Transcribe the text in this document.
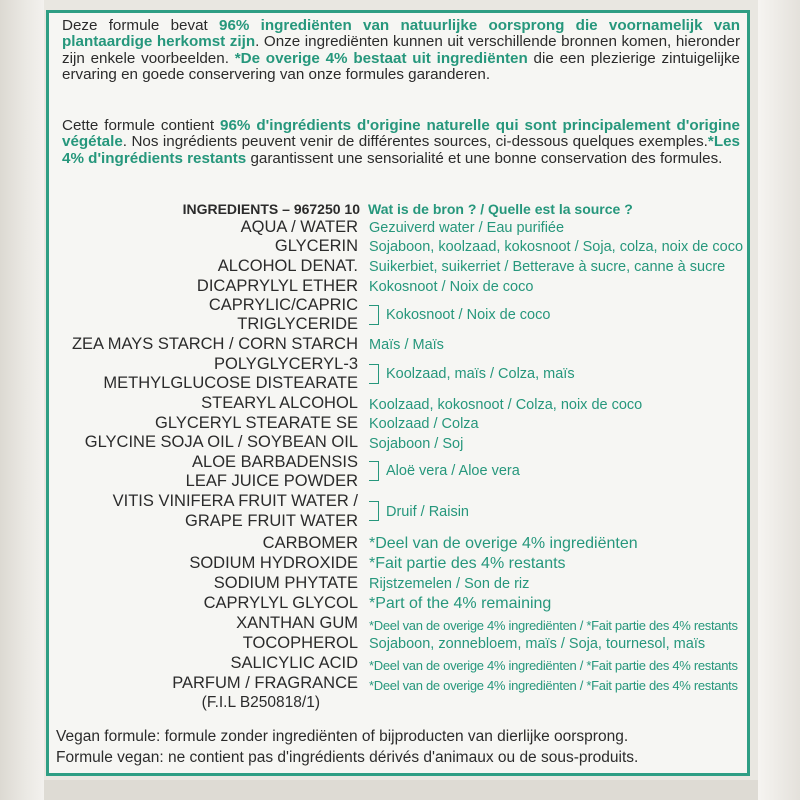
Deze formule bevat 96% ingrediënten van natuurlijke oorsprong die voornamelijk van plantaardige herkomst zijn. Onze ingrediënten kunnen uit verschillende bronnen komen, hieronder zijn enkele voorbeelden. *De overige 4% bestaat uit ingrediënten die een plezierige zintuigelijke ervaring en goede conservering van onze formules garanderen.

Cette formule contient 96% d'ingrédients d'origine naturelle qui sont principalement d'origine végétale. Nos ingrédients peuvent venir de différentes sources, ci-dessous quelques exemples.*Les 4% d'ingrédients restants garantissent une sensorialité et une bonne conservation des formules.

INGREDIENTS – 967250 10 Wat is de bron ? / Quelle est la source ?
AQUA / WATER Gezuiverd water / Eau purifiée
GLYCERIN Sojaboon, koolzaad, kokosnoot / Soja, colza, noix de coco
ALCOHOL DENAT. Suikerbiet, suikerriet / Betterave à sucre, canne à sucre
DICAPRYLYL ETHER Kokosnoot / Noix de coco
CAPRYLIC/CAPRIC
TRIGLYCERIDE Kokosnoot / Noix de coco
ZEA MAYS STARCH / CORN STARCH Maïs / Maïs
POLYGLYCERYL-3
METHYLGLUCOSE DISTEARATE Koolzaad, maïs / Colza, maïs
STEARYL ALCOHOL Koolzaad, kokosnoot / Colza, noix de coco
GLYCERYL STEARATE SE Koolzaad / Colza
GLYCINE SOJA OIL / SOYBEAN OIL Sojaboon / Soj
ALOE BARBADENSIS
LEAF JUICE POWDER
Aloë vera / Aloe vera
VITIS VINIFERA FRUIT WATER /
GRAPE FRUIT WATER Druif / Raisin
CARBOMER *Deel van de overige 4% ingrediënten
SODIUM HYDROXIDE *Fait partie des 4% restants
SODIUM PHYTATE Rijstzemelen / Son de riz
CAPRYLYL GLYCOL *Part of the 4% remaining
XANTHAN GUM *Deel van de overige 4% ingrediënten / *Fait partie des 4% restants
TOCOPHEROL Sojaboon, zonnebloem, maïs / Soja, tournesol, maïs
SALICYLIC ACID *Deel van de overige 4% ingrediënten / *Fait partie des 4% restants
PARFUM / FRAGRANCE *Deel van de overige 4% ingrediënten / *Fait partie des 4% restants
(F.I.L B250818/1)
Vegan formule: formule zonder ingrediënten of bijproducten van dierlijke oorsprong.
Formule vegan: ne contient pas d'ingrédients dérivés d'animaux ou de sous-produits.
